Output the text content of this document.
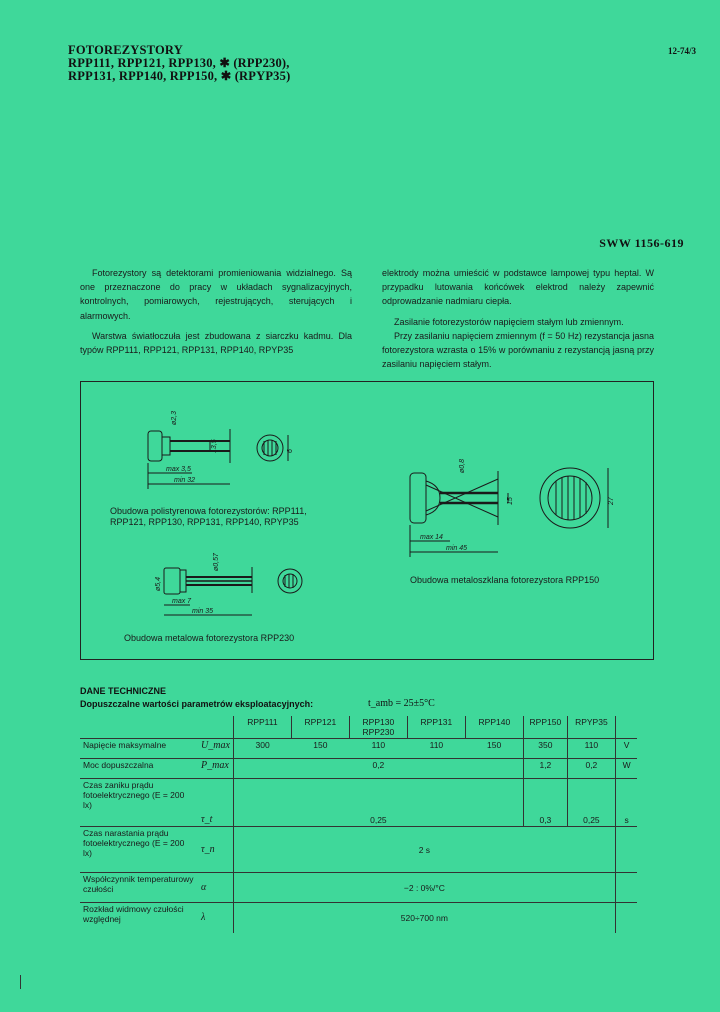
FOTOREZYSTORY
RPP111, RPP121, RPP130, ✱ (RPP230),
RPP131, RPP140, RPP150, ✱ (RPYP35)
12-74/3
SWW 1156-619

Fotorezystory są detektorami promieniowania widzialnego. Są one przeznaczone do pracy w układach sygnalizacyjnych, kontrolnych, pomiarowych, rejestrujących, sterujących i alarmowych.

Warstwa światłoczuła jest zbudowana z siarczku kadmu. Dla typów RPP111, RPP121, RPP131, RPP140, RPYP35

elektrody można umieścić w podstawce lampowej typu heptal. W przypadku lutowania końcówek elektrod należy zapewnić odprowadzanie nadmiaru ciepła.

Zasilanie fotorezystorów napięciem stałym lub zmiennym.

Przy zasilaniu napięciem zmiennym (f = 50 Hz) rezystancja jasna fotorezystora wzrasta o 15% w porównaniu z rezystancją jasną przy zasilaniu napięciem stałym.

ø2,3
13,5
max 3,5
min 32
6
ø0,57
ø5,4
max 7
min 35
ø0,8
15
max 14
min 45
27
Obudowa polistyrenowa fotorezystorów: RPP111,
RPP121, RPP130, RPP131, RPP140, RPYP35
Obudowa metaloszklana fotorezystora RPP150
Obudowa metalowa fotorezystora RPP230
DANE TECHNICZNE
Dopuszczalne wartości parametrów eksploatacyjnych:	t_amb = 25±5°C
		RPP111	RPP121	RPP130
RPP230	RPP131	RPP140	RPP150	RPYP35	
Napięcie maksymalne	U_max	300	150	110	110	150	350	110	V
Moc dopuszczalna	P_max	0,2					1,2	0,2	W
Czas zaniku prądu fotoelektrycznego (E = 200 lx)	τ_t	0,25					0,3	0,25	s
Czas narastania prądu fotoelektrycznego (E = 200 lx)	τ_n	2 s							
Współczynnik temperaturowy czułości	α	−2 : 0%/°C							
Rozkład widmowy czułości względnej	λ	520÷700 nm							
